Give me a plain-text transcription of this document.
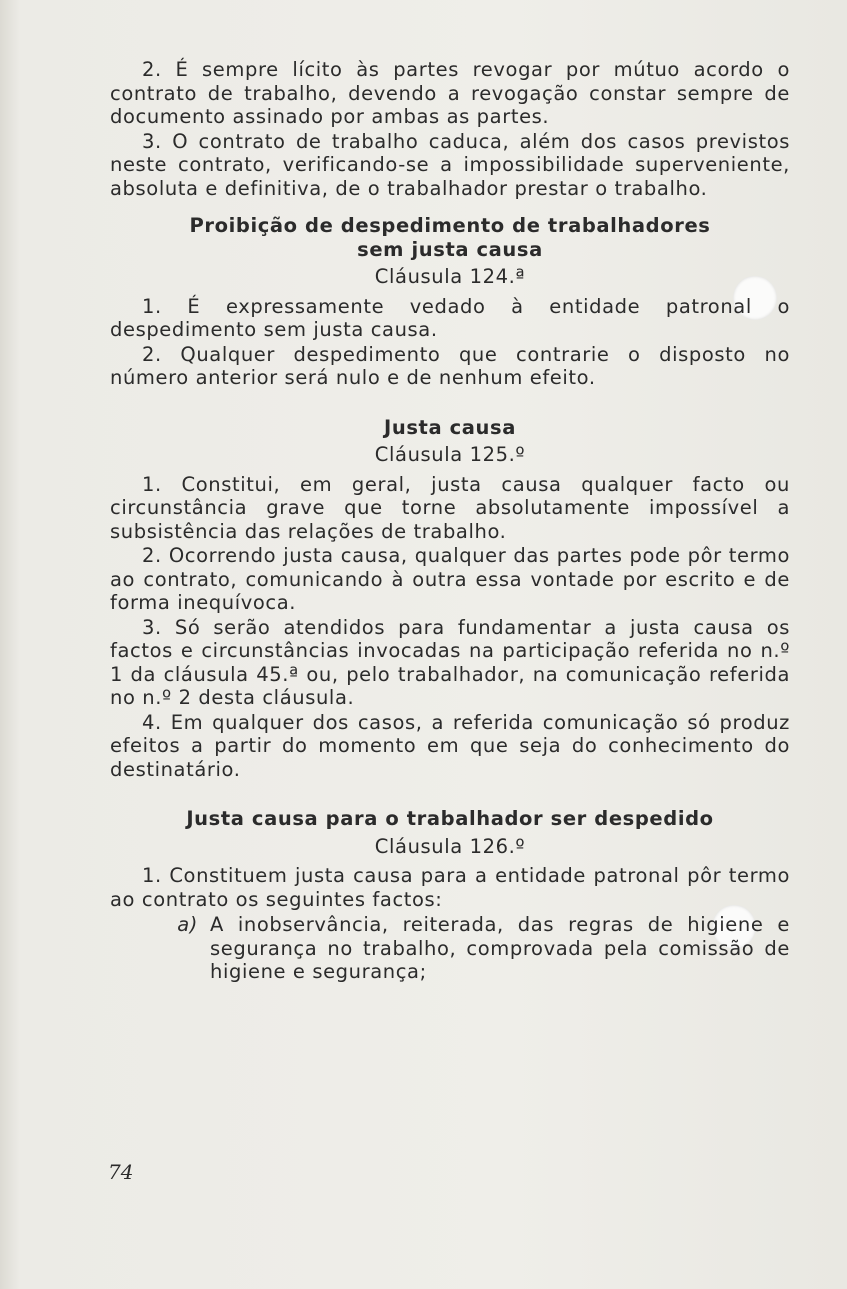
2. É sempre lícito às partes revogar por mútuo acordo o contrato de trabalho, devendo a revogação constar sempre de documento assinado por ambas as partes.

3. O contrato de trabalho caduca, além dos casos previstos neste contrato, verificando-se a impossibilidade superveniente, absoluta e definitiva, de o trabalhador prestar o trabalho.

Proibição de despedimento de trabalhadores
sem justa causa
Cláusula 124.ª

1. É expressamente vedado à entidade patronal o despedimento sem justa causa.

2. Qualquer despedimento que contrarie o disposto no número anterior será nulo e de nenhum efeito.

Justa causa
Cláusula 125.º

1. Constitui, em geral, justa causa qualquer facto ou circunstância grave que torne absolutamente impossível a subsistência das relações de trabalho.

2. Ocorrendo justa causa, qualquer das partes pode pôr termo ao contrato, comunicando à outra essa vontade por escrito e de forma inequívoca.

3. Só serão atendidos para fundamentar a justa causa os factos e circunstâncias invocadas na participação referida no n.º 1 da cláusula 45.ª ou, pelo trabalhador, na comunicação referida no n.º 2 desta cláusula.

4. Em qualquer dos casos, a referida comunicação só produz efeitos a partir do momento em que seja do conhecimento do destinatário.

Justa causa para o trabalhador ser despedido
Cláusula 126.º

1. Constituem justa causa para a entidade patronal pôr termo ao contrato os seguintes factos:

a) A inobservância, reiterada, das regras de higiene e segurança no trabalho, comprovada pela comissão de higiene e segurança;
74
